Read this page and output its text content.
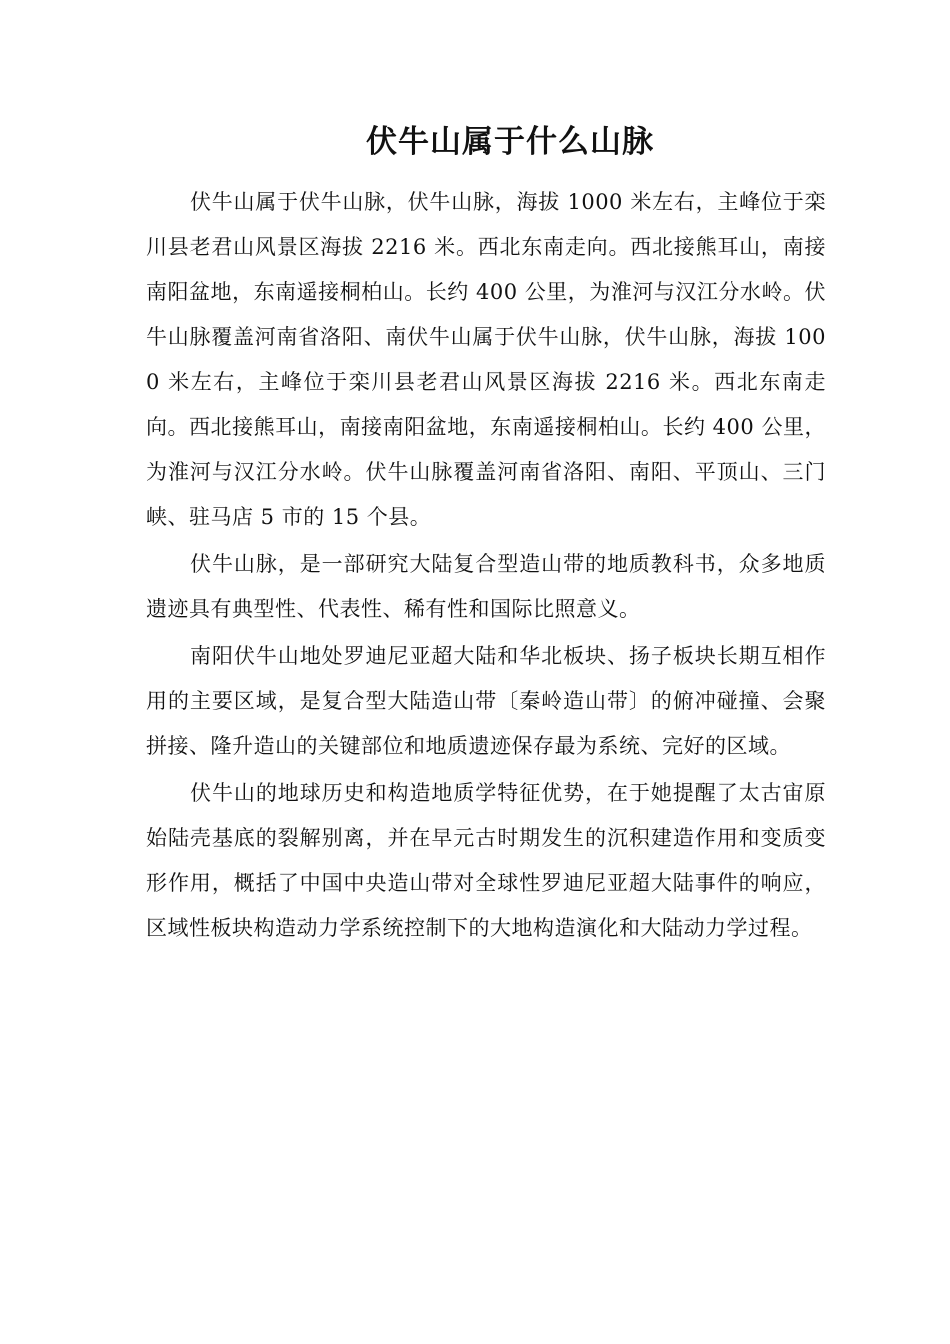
伏牛山属于什么山脉

伏牛山属于伏牛山脉，伏牛山脉，海拔 1000 米左右，主峰位于栾川县老君山风景区海拔 2216 米。西北东南走向。西北接熊耳山，南接南阳盆地，东南遥接桐柏山。长约 400 公里，为淮河与汉江分水岭。伏牛山脉覆盖河南省洛阳、南伏牛山属于伏牛山脉，伏牛山脉，海拔 1000 米左右，主峰位于栾川县老君山风景区海拔 2216 米。西北东南走向。西北接熊耳山，南接南阳盆地，东南遥接桐柏山。长约 400 公里，为淮河与汉江分水岭。伏牛山脉覆盖河南省洛阳、南阳、平顶山、三门峡、驻马店 5 市的 15 个县。

伏牛山脉，是一部研究大陆复合型造山带的地质教科书，众多地质遗迹具有典型性、代表性、稀有性和国际比照意义。

南阳伏牛山地处罗迪尼亚超大陆和华北板块、扬子板块长期互相作用的主要区域，是复合型大陆造山带〔秦岭造山带〕的俯冲碰撞、会聚拼接、隆升造山的关键部位和地质遗迹保存最为系统、完好的区域。

伏牛山的地球历史和构造地质学特征优势，在于她提醒了太古宙原始陆壳基底的裂解别离，并在早元古时期发生的沉积建造作用和变质变形作用，概括了中国中央造山带对全球性罗迪尼亚超大陆事件的响应，区域性板块构造动力学系统控制下的大地构造演化和大陆动力学过程。
